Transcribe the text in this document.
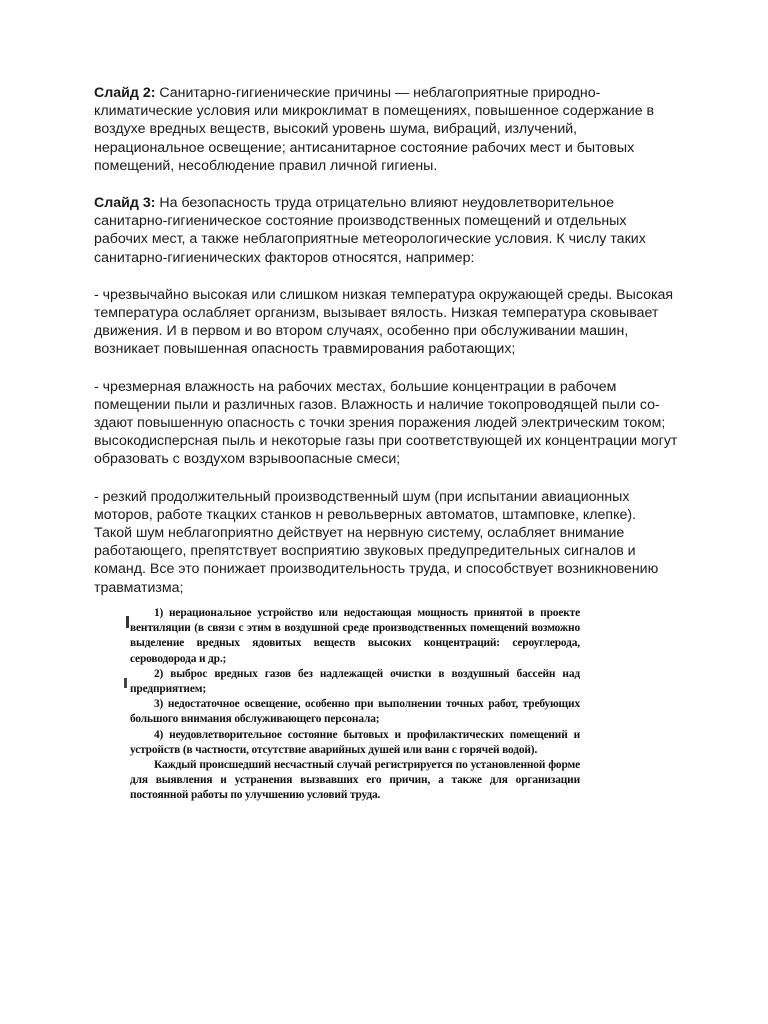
Слайд 2: Санитарно-гигиенические причины — неблагоприятные природно-климатические условия или микроклимат в помещениях, повышенное содержание в воздухе вредных веществ, высокий уровень шума, вибраций, излучений, нерациональное освещение; антисанитарное состояние рабочих мест и бытовых помещений, несоблюдение правил личной гигиены.

Слайд 3: На безопасность труда отрицательно влияют неудовлетворительное санитарно-гигиеническое состояние производственных помещений и отдельных рабочих мест, а также неблагоприятные метеорологические условия. К числу таких санитарно-гигиенических факторов относятся, например:

- чрезвычайно высокая или слишком низкая температура окружающей среды. Высокая температура ослабляет организм, вызывает вялость. Низкая температура сковывает движения. И в первом и во втором случаях, особенно при обслуживании машин, возникает повышенная опасность травмирования работающих;

- чрезмерная влажность на рабочих местах, большие концентрации в рабочем помещении пыли и различных газов. Влажность и наличие токопроводящей пыли со-здают повышенную опасность с точки зрения поражения людей электрическим током; высокодисперсная пыль и некоторые газы при соответствующей их концентрации могут образовать с воздухом взрывоопасные смеси;

- резкий продолжительный производственный шум (при испытании авиационных моторов, работе ткацких станков н револьверных автоматов, штамповке, клепке). Такой шум неблагоприятно действует на нервную систему, ослабляет внимание работающего, препятствует восприятию звуковых предупредительных сигналов и команд. Все это понижает производительность труда, и способствует возникновению травматизма;

1) нерациональное устройство или недостающая мощность принятой в проекте вентиляции (в связи с этим в воздушной среде производственных помещений возможно выделение вредных ядовитых веществ высоких концентраций: сероуглерода, сероводорода и др.;

2) выброс вредных газов без надлежащей очистки в воздушный бассейн над предприятием;

3) недостаточное освещение, особенно при выполнении точных работ, требующих большого внимания обслуживающего персонала;

4) неудовлетворительное состояние бытовых и профилактических помещений и устройств (в частности, отсутствие аварийных душей или ванн с горячей водой).

Каждый происшедший несчастный случай регистрируется по установленной форме для выявления и устранения вызвавших его причин, а также для организации постоянной работы по улучшению условий труда.
